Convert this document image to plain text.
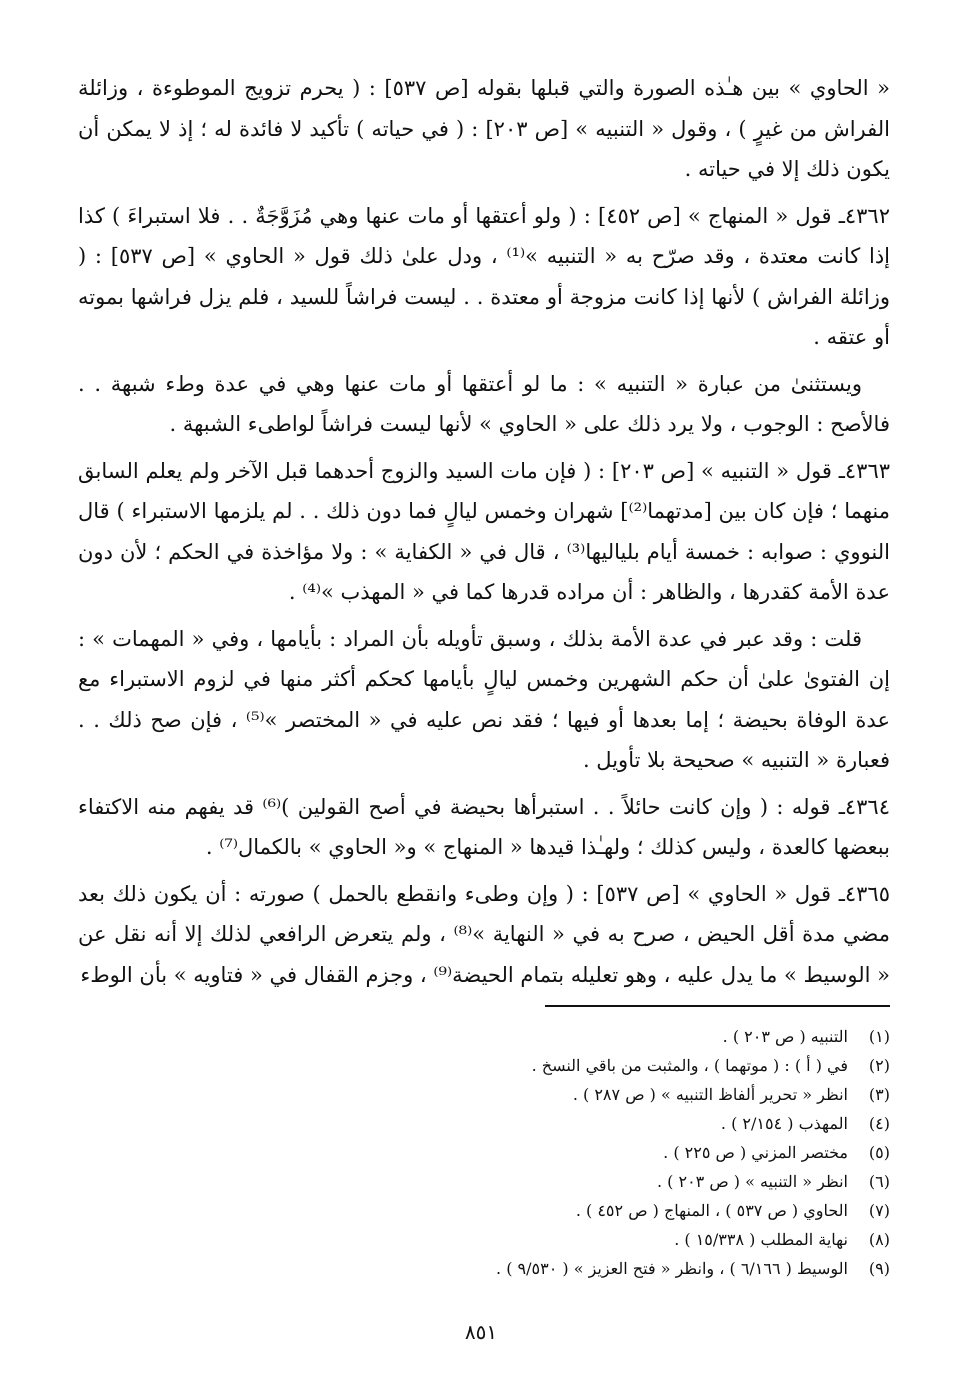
« الحاوي » بين هـٰذه الصورة والتي قبلها بقوله [ص ٥٣٧] : ( يحرم تزويج الموطوءة ، وزائلة الفراش من غيرٍ ) ، وقول « التنبيه » [ص ٢٠٣] : ( في حياته ) تأكيد لا فائدة له ؛ إذ لا يمكن أن يكون ذلك إلا في حياته .

٤٣٦٢ـ قول « المنهاج » [ص ٤٥٢] : ( ولو أعتقها أو مات عنها وهي مُزَوَّجَةٌ . . فلا استبراءَ ) كذا إذا كانت معتدة ، وقد صرّح به « التنبيه »⁽¹⁾ ، ودل علىٰ ذلك قول « الحاوي » [ص ٥٣٧] : ( وزائلة الفراش ) لأنها إذا كانت مزوجة أو معتدة . . ليست فراشاً للسيد ، فلم يزل فراشها بموته أو عتقه .

ويستثنىٰ من عبارة « التنبيه » : ما لو أعتقها أو مات عنها وهي في عدة وطء شبهة . . فالأصح : الوجوب ، ولا يرد ذلك على « الحاوي » لأنها ليست فراشاً لواطىء الشبهة .

٤٣٦٣ـ قول « التنبيه » [ص ٢٠٣] : ( فإن مات السيد والزوج أحدهما قبل الآخر ولم يعلم السابق منهما ؛ فإن كان بين [مدتهما⁽²⁾] شهران وخمس ليالٍ فما دون ذلك . . لم يلزمها الاستبراء ) قال النووي : صوابه : خمسة أيام بلياليها⁽³⁾ ، قال في « الكفاية » : ولا مؤاخذة في الحكم ؛ لأن دون عدة الأمة كقدرها ، والظاهر : أن مراده قدرها كما في « المهذب »⁽⁴⁾ .

قلت : وقد عبر في عدة الأمة بذلك ، وسبق تأويله بأن المراد : بأيامها ، وفي « المهمات » : إن الفتوىٰ علىٰ أن حكم الشهرين وخمس ليالٍ بأيامها كحكم أكثر منها في لزوم الاستبراء مع عدة الوفاة بحيضة ؛ إما بعدها أو فيها ؛ فقد نص عليه في « المختصر »⁽⁵⁾ ، فإن صح ذلك . . فعبارة « التنبيه » صحيحة بلا تأويل .

٤٣٦٤ـ قوله : ( وإن كانت حائلاً . . استبرأها بحيضة في أصح القولين )⁽⁶⁾ قد يفهم منه الاكتفاء ببعضها كالعدة ، وليس كذلك ؛ ولهـٰذا قيدها « المنهاج » و« الحاوي » بالكمال⁽⁷⁾ .

٤٣٦٥ـ قول « الحاوي » [ص ٥٣٧] : ( وإن وطىء وانقطع بالحمل ) صورته : أن يكون ذلك بعد مضي مدة أقل الحيض ، صرح به في « النهاية »⁽⁸⁾ ، ولم يتعرض الرافعي لذلك إلا أنه نقل عن « الوسيط » ما يدل عليه ، وهو تعليله بتمام الحيضة⁽⁹⁾ ، وجزم القفال في « فتاويه » بأن الوطء

(١)
التنبيه ( ص ٢٠٣ ) .
(٢)
في ( أ ) : ( موتهما ) ، والمثبت من باقي النسخ .
(٣)
انظر « تحرير ألفاظ التنبيه » ( ص ٢٨٧ ) .
(٤)
المهذب ( ٢/١٥٤ ) .
(٥)
مختصر المزني ( ص ٢٢٥ ) .
(٦)
انظر « التنبيه » ( ص ٢٠٣ ) .
(٧)
الحاوي ( ص ٥٣٧ ) ، المنهاج ( ص ٤٥٢ ) .
(٨)
نهاية المطلب ( ١٥/٣٣٨ ) .
(٩)
الوسيط ( ٦/١٦٦ ) ، وانظر « فتح العزيز » ( ٩/٥٣٠ ) .
٨٥١
